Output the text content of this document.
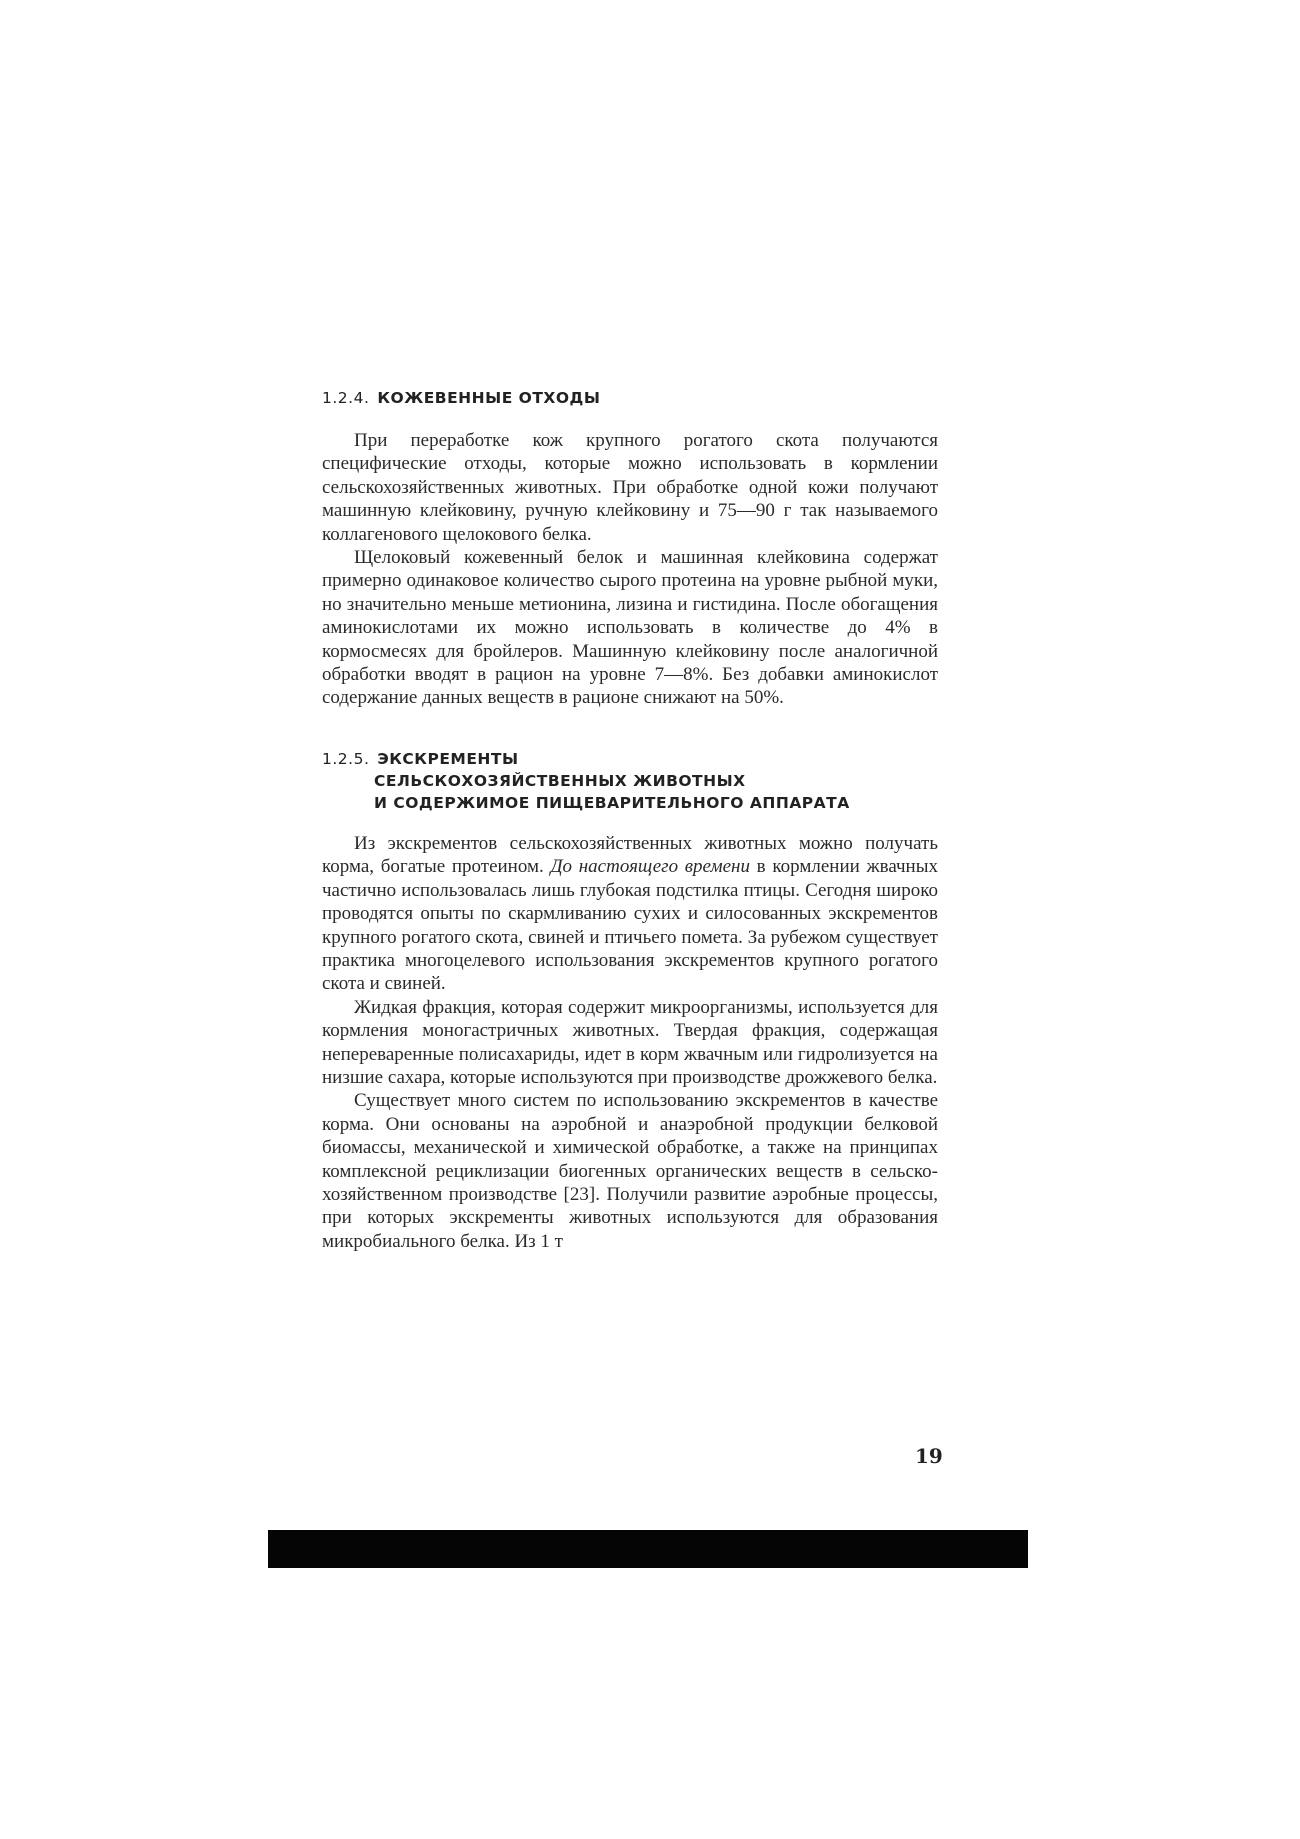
1.2.4. КОЖЕВЕННЫЕ ОТХОДЫ

При переработке кож крупного рогатого скота получаются специфические отходы, которые можно использовать в кормлении сельскохозяйственных животных. При обработке одной кожи получают машинную клейковину, ручную клейковину и 75—90 г так называемого коллагенового щелокового белка.

Щелоковый кожевенный белок и машинная клейковина содержат примерно одинаковое количество сырого протеина на уровне рыбной муки, но значительно меньше метионина, лизина и гистидина. После обогащения аминокислотами их можно использовать в количестве до 4% в кормосмесях для бройлеров. Машинную клейковину после аналогичной обработки вводят в рацион на уровне 7—8%. Без добавки аминокислот содержание данных веществ в рационе снижают на 50%.

1.2.5. ЭКСКРЕМЕНТЫ
СЕЛЬСКОХОЗЯЙСТВЕННЫХ ЖИВОТНЫХ
И СОДЕРЖИМОЕ ПИЩЕВАРИТЕЛЬНОГО АППАРАТА

Из экскрементов сельскохозяйственных животных можно получать корма, богатые протеином. До настоящего времени в кормлении жвачных частично использовалась лишь глубокая подстилка птицы. Сегодня широко проводятся опыты по скармливанию сухих и силосованных экскрементов крупного рогатого скота, свиней и птичьего помета. За рубежом существует практика многоцелевого использования экскрементов крупного рогатого скота и свиней.

Жидкая фракция, которая содержит микроорганизмы, используется для кормления моногастричных животных. Твердая фракция, содержащая непереваренные полисахариды, идет в корм жвачным или гидролизуется на низшие сахара, которые используются при производстве дрожжевого белка.

Существует много систем по использованию экскрементов в качестве корма. Они основаны на аэробной и анаэробной продукции белковой биомассы, механической и химической обработке, а также на принципах комплексной рециклизации биогенных органических веществ в сельскохозяйственном производстве [23]. Получили развитие аэробные процессы, при которых экскременты животных используются для образования микробиального белка. Из 1 т

19
